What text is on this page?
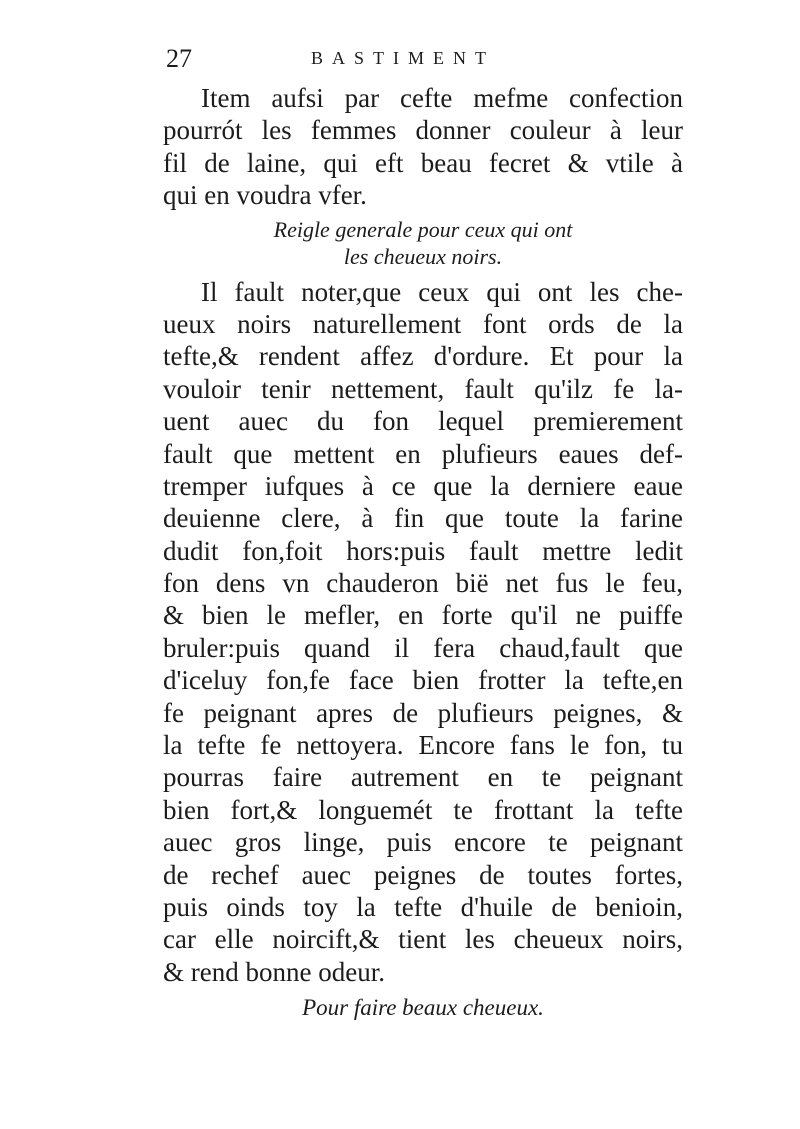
27	BASTIMENT
Item aufsi par cefte mefme confection
pourrót les femmes donner couleur à leur
fil de laine, qui eft beau fecret & vtile à
qui en voudra vfer.
Reigle generale pour ceux qui ont
les cheueux noirs.
Il fault noter,que ceux qui ont les che-
ueux noirs naturellement font ords de la
tefte,& rendent affez d'ordure. Et pour la
vouloir tenir nettement, fault qu'ilz fe la-
uent auec du fon lequel premierement
fault que mettent en plufieurs eaues def-
tremper iufques à ce que la derniere eaue
deuienne clere, à fin que toute la farine
dudit fon,foit hors:puis fault mettre ledit
fon dens vn chauderon bië net fus le feu,
& bien le mefler, en forte qu'il ne puiffe
bruler:puis quand il fera chaud,fault que
d'iceluy fon,fe face bien frotter la tefte,en
fe peignant apres de plufieurs peignes, &
la tefte fe nettoyera. Encore fans le fon, tu
pourras faire autrement en te peignant
bien fort,& longuemét te frottant la tefte
auec gros linge, puis encore te peignant
de rechef auec peignes de toutes fortes,
puis oinds toy la tefte d'huile de benioin,
car elle noircift,& tient les cheueux noirs,
& rend bonne odeur.
Pour faire beaux cheueux.
